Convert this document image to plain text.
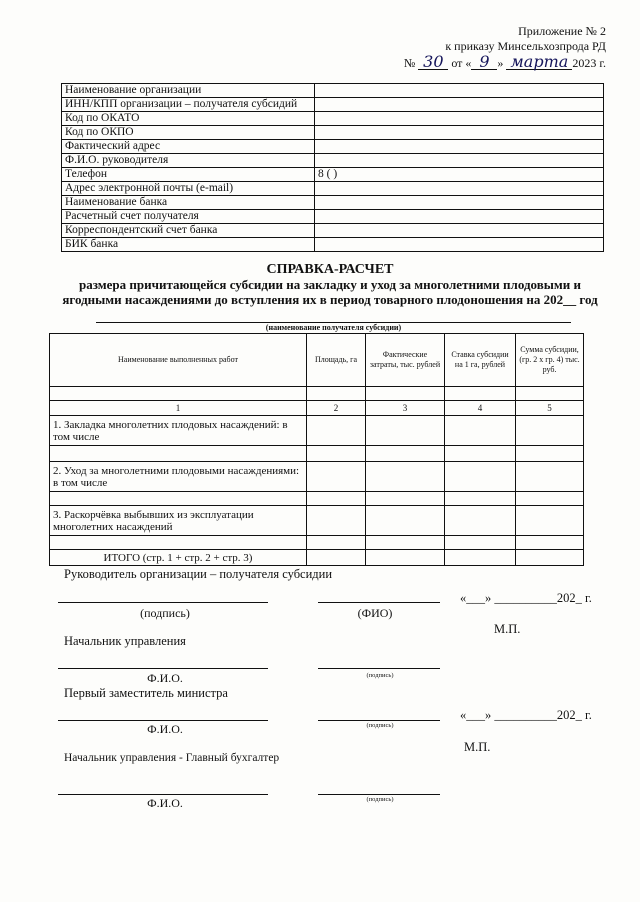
Приложение № 2
к приказу Минсельхозпрода РД
№ 30 от « 9 » марта 2023 г.
Наименование организации	
ИНН/КПП организации – получателя субсидий	
Код по ОКАТО	
Код по ОКПО	
Фактический адрес	
Ф.И.О. руководителя	
Телефон	8 ( )
Адрес электронной почты (e-mail)	
Наименование банка	
Расчетный счет получателя	
Корреспондентский счет банка	
БИК банка	
СПРАВКА-РАСЧЕТ
размера причитающейся субсидии на закладку и уход за многолетними плодовыми и
ягодными насаждениями до вступления их в период товарного плодоношения на 202__ год
(наименование получателя субсидии)
Наименование выполненных работ	Площадь, га	Фактические затраты, тыс. рублей	Ставка субсидии на 1 га, рублей	Сумма субсидии, (гр. 2 х гр. 4) тыс. руб.

1	2	3	4	5
1. Закладка многолетних плодовых насаждений: в том числе				

2. Уход за многолетними плодовыми насаждениями: в том числе				

3. Раскорчёвка выбывших из эксплуатации многолетних насаждений				

ИТОГО (стр. 1 + стр. 2 + стр. 3)				
Руководитель организации – получателя субсидии
«___» __________202_ г.
(подпись)	(ФИО)
М.П.
Начальник управления
Ф.И.О.	(подпись)
Первый заместитель министра
«___» __________202_ г.
Ф.И.О.	(подпись)
М.П.
Начальник управления - Главный бухгалтер
Ф.И.О.	(подпись)
